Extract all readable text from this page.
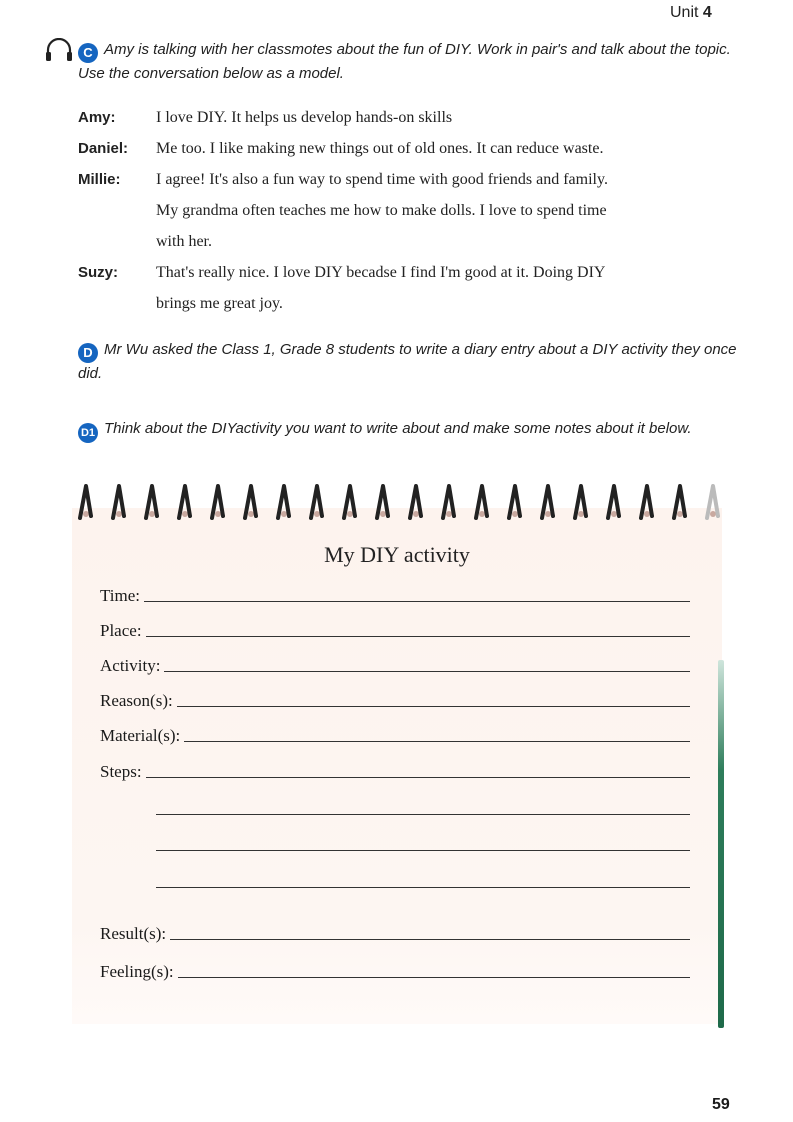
Unit 4
C Amy is talking with her classmotes about the fun of DIY. Work in pair's and talk about the topic. Use the conversation below as a model.
Amy:	I love DIY. It helps us develop hands-on skills
Daniel:	Me too. I like making new things out of old ones. It can reduce waste.
Millie:	I agree! It's also a fun way to spend time with good friends and family.
My grandma often teaches me how to make dolls. I love to spend time
with her.
Suzy:	That's really nice. I love DIY becadse I find I'm good at it. Doing DIY
brings me great joy.
D Mr Wu asked the Class 1, Grade 8 students to write a diary entry about a DIY activity they once did.
D1 Think about the DIYactivity you want to write about and make some notes about it below.
My DIY activity
Time:
Place:
Activity:
Reason(s):
Material(s):
Steps:
Result(s):
Feeling(s):
59
